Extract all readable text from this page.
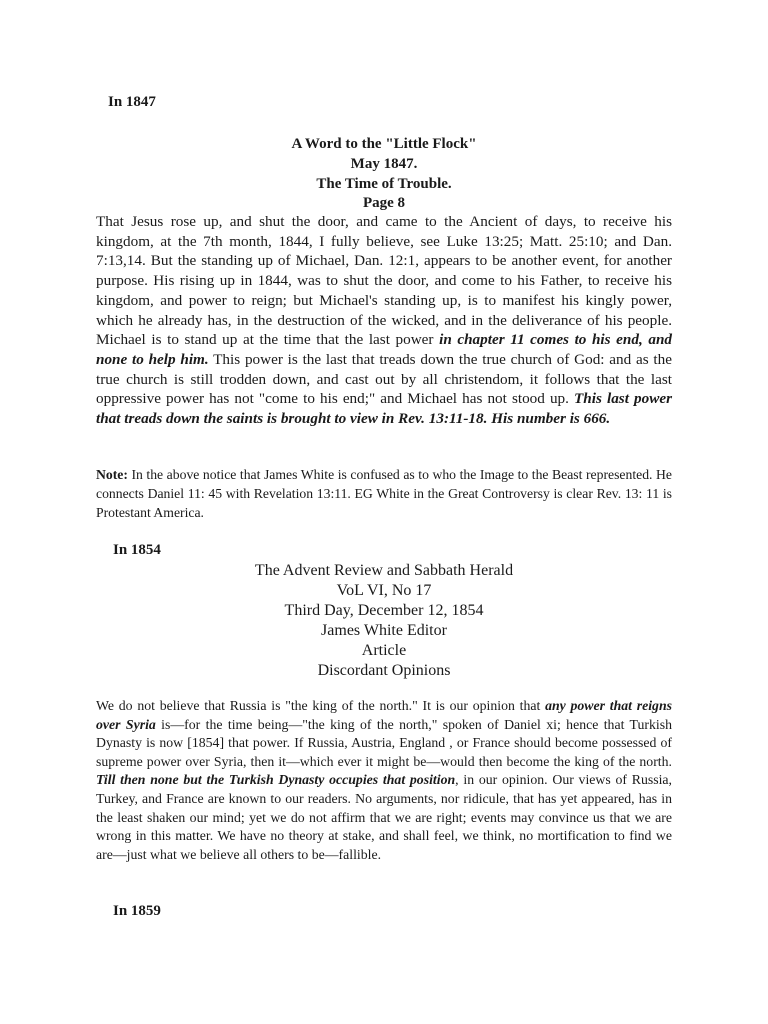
In 1847

A Word to the "Little Flock"

May 1847.

The Time of Trouble.

Page 8

That Jesus rose up, and shut the door, and came to the Ancient of days, to receive his kingdom, at the 7th month, 1844, I fully believe, see Luke 13:25; Matt. 25:10; and Dan. 7:13,14. But the standing up of Michael, Dan. 12:1, appears to be another event, for another purpose. His rising up in 1844, was to shut the door, and come to his Father, to receive his kingdom, and power to reign; but Michael's standing up, is to manifest his kingly power, which he already has, in the destruction of the wicked, and in the deliverance of his people. Michael is to stand up at the time that the last power in chapter 11 comes to his end, and none to help him. This power is the last that treads down the true church of God: and as the true church is still trodden down, and cast out by all christendom, it follows that the last oppressive power has not "come to his end;" and Michael has not stood up. This last power that treads down the saints is brought to view in Rev. 13:11-18. His number is 666.

Note: In the above notice that James White is confused as to who the Image to the Beast represented. He connects Daniel 11: 45 with Revelation 13:11. EG White in the Great Controversy is clear Rev. 13: 11 is Protestant America.

In 1854

The Advent Review and Sabbath Herald

VoL VI, No 17

Third Day, December 12, 1854

James White Editor

Article

Discordant Opinions

We do not believe that Russia is "the king of the north." It is our opinion that any power that reigns over Syria is—for the time being—"the king of the north," spoken of Daniel xi; hence that Turkish Dynasty is now [1854] that power. If Russia, Austria, England , or France should become possessed of supreme power over Syria, then it—which ever it might be—would then become the king of the north. Till then none but the Turkish Dynasty occupies that position, in our opinion. Our views of Russia, Turkey, and France are known to our readers. No arguments, nor ridicule, that has yet appeared, has in the least shaken our mind; yet we do not affirm that we are right; events may convince us that we are wrong in this matter. We have no theory at stake, and shall feel, we think, no mortification to find we are—just what we believe all others to be—fallible.

In 1859
